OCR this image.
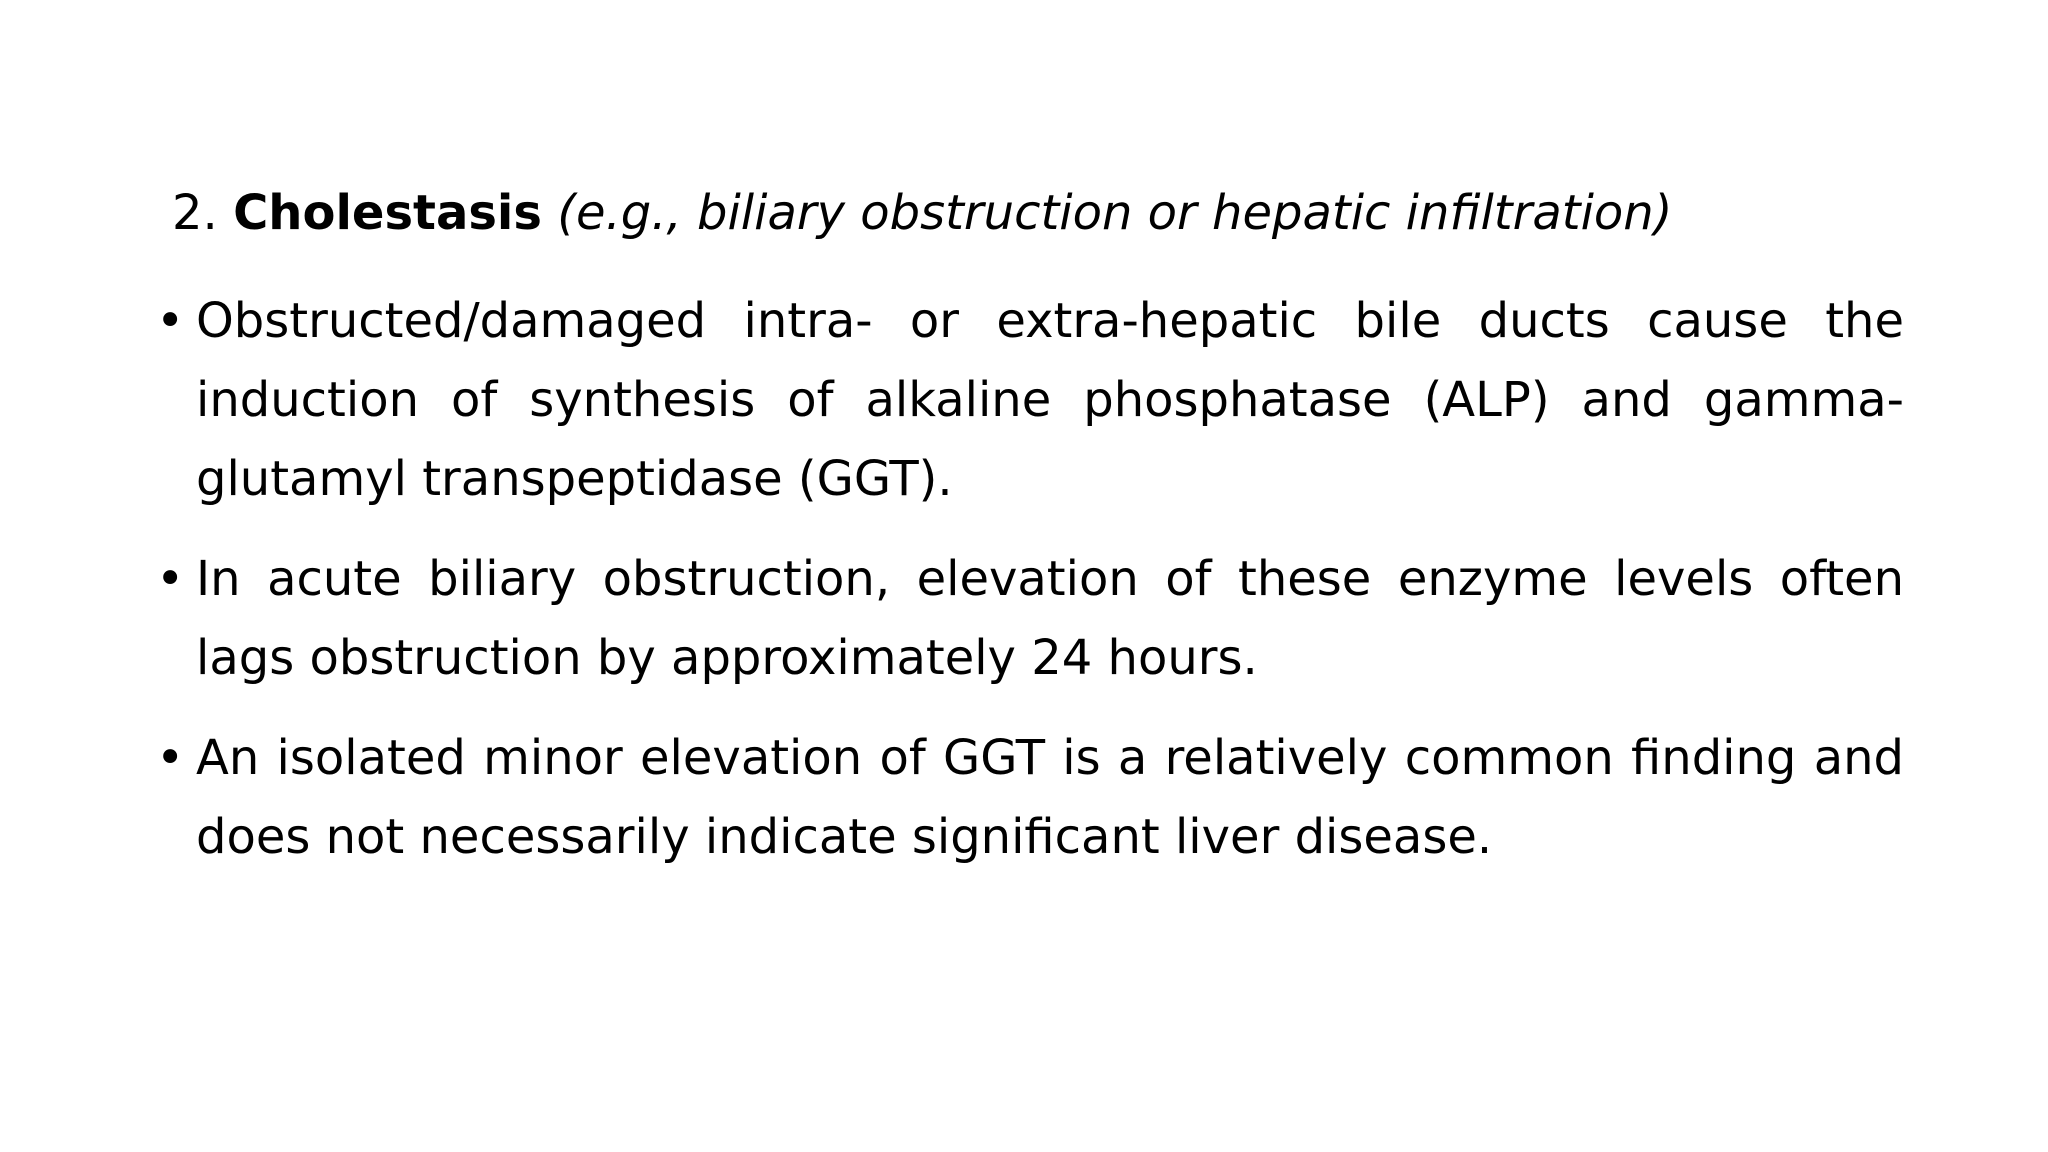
2. Cholestasis (e.g., biliary obstruction or hepatic infiltration)
• Obstructed/damaged intra- or extra-hepatic bile ducts cause the induction of synthesis of alkaline phosphatase (ALP) and gamma-glutamyl transpeptidase (GGT).
• In acute biliary obstruction, elevation of these enzyme levels often lags obstruction by approximately 24 hours.
• An isolated minor elevation of GGT is a relatively common finding and does not necessarily indicate significant liver disease.
